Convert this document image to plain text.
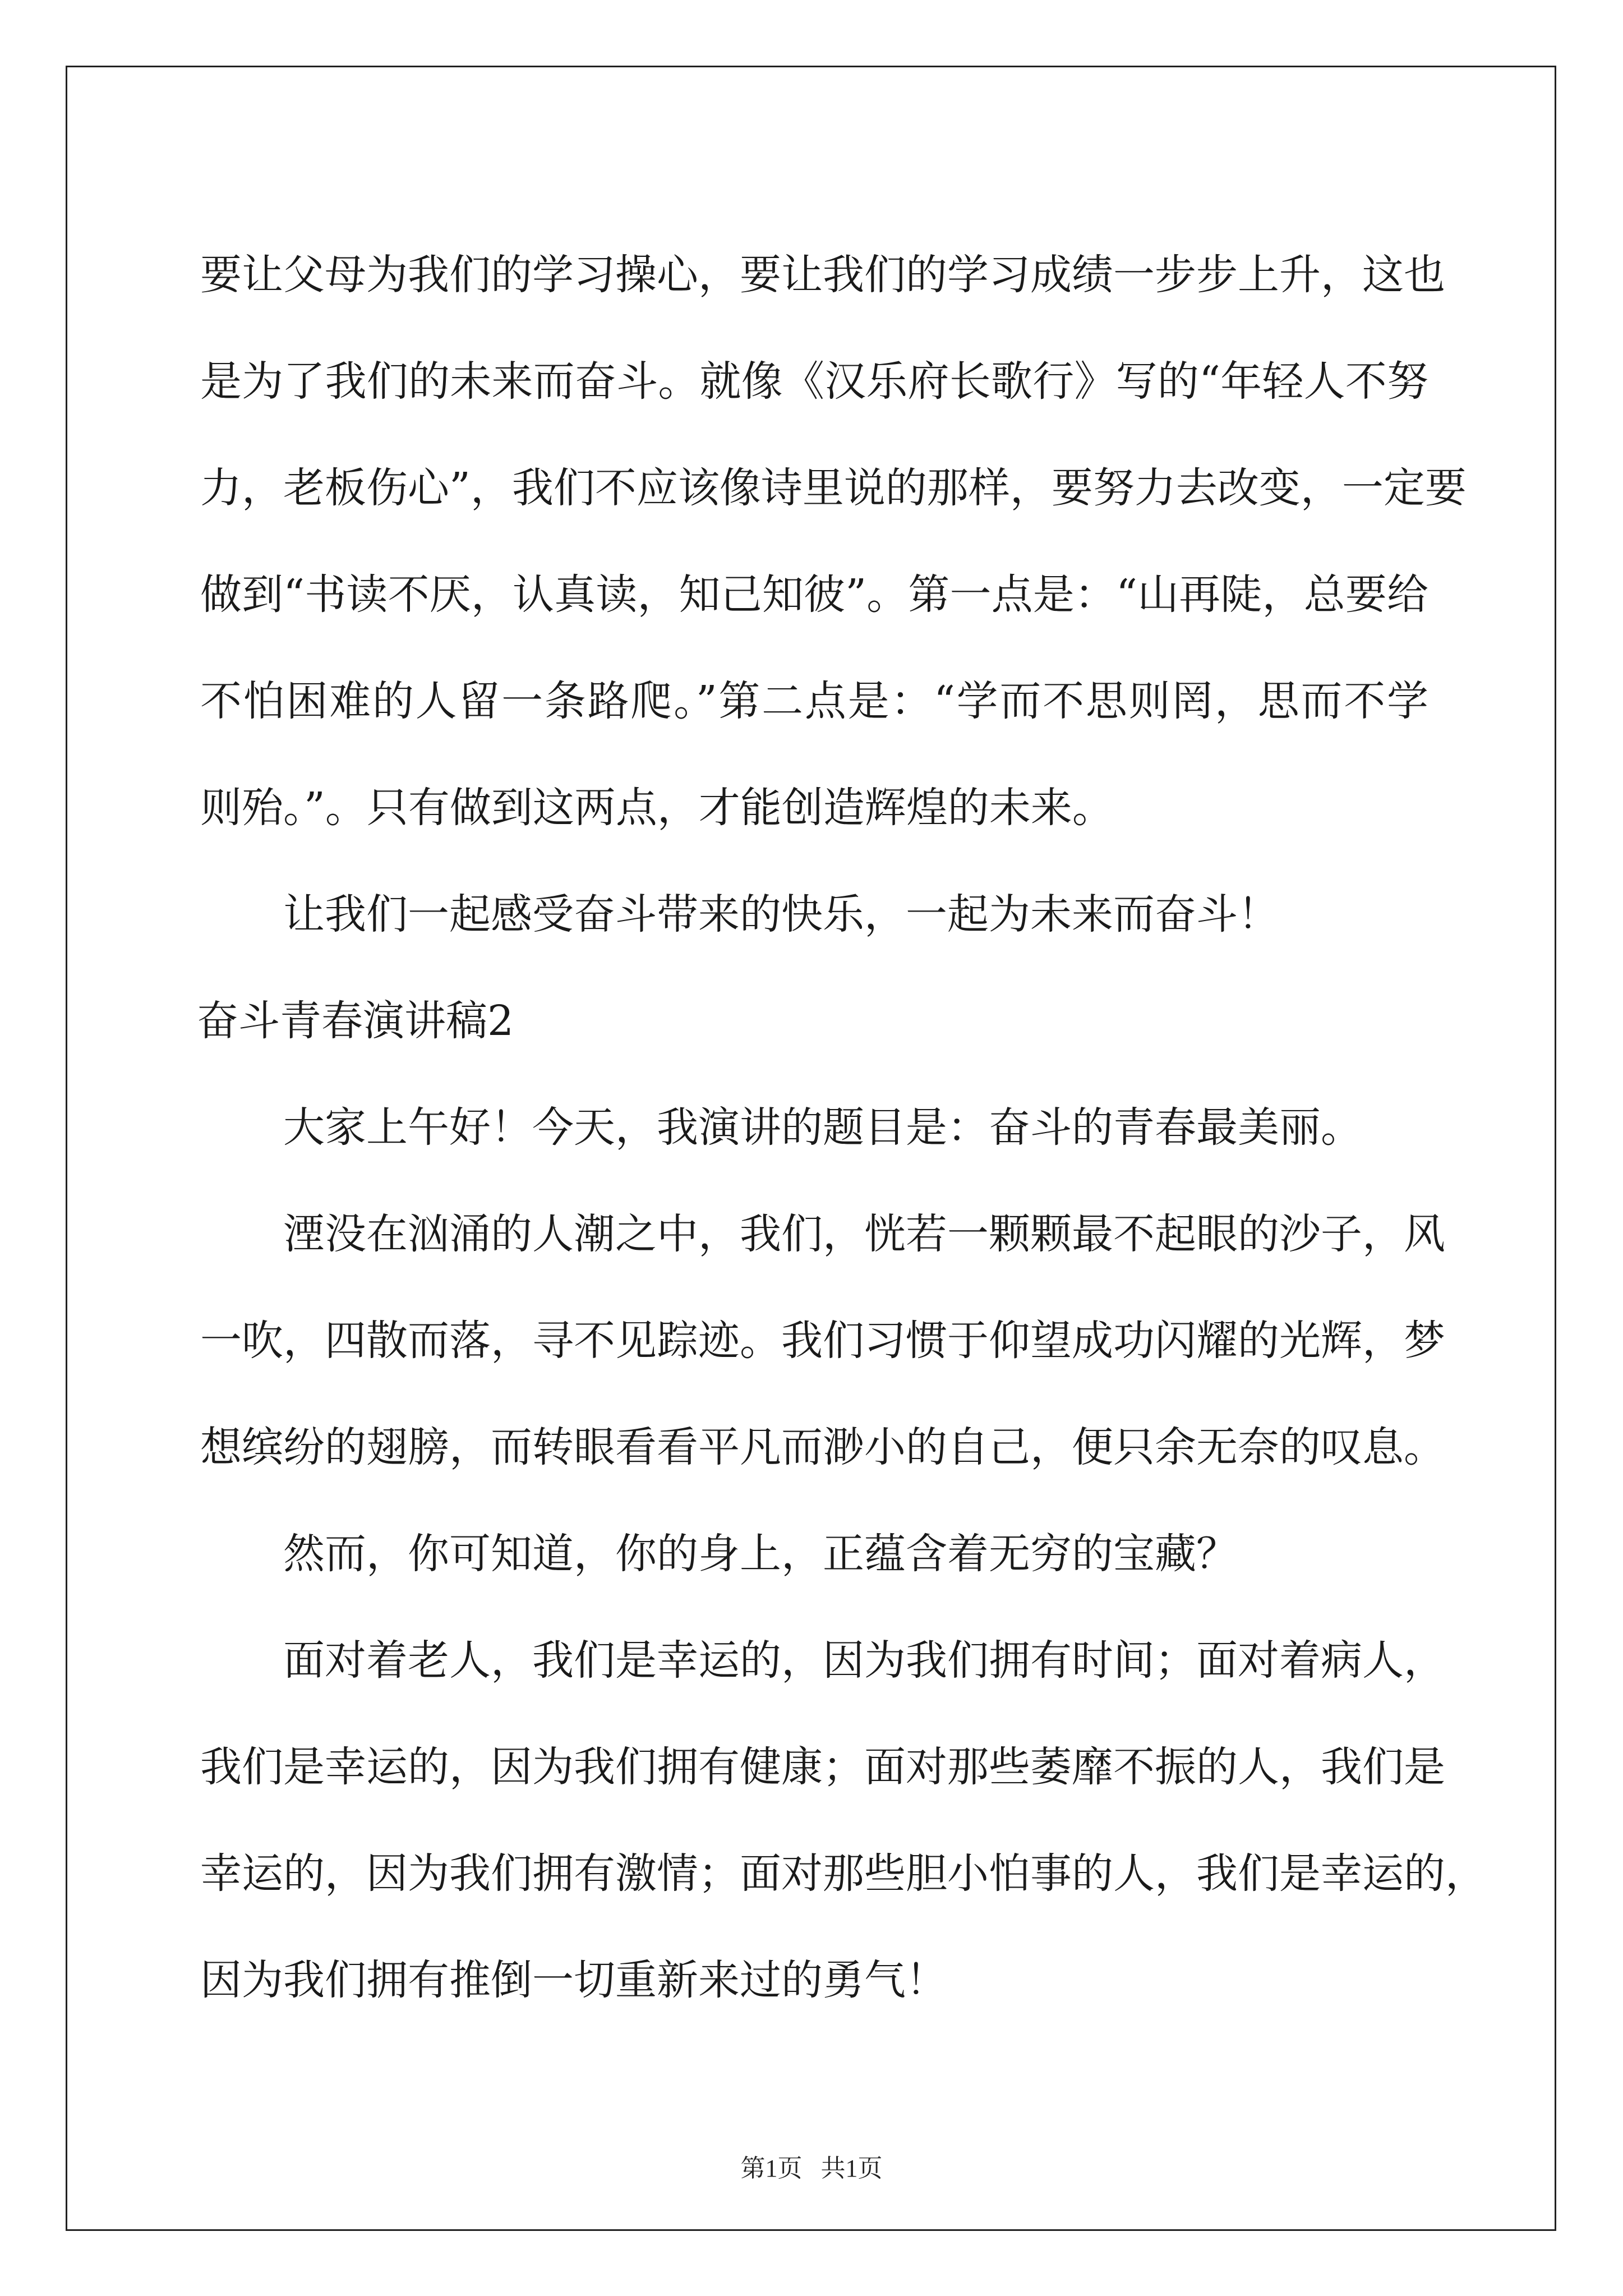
要让父母为我们的学习操心，要让我们的学习成绩一步步上升，这也
是为了我们的未来而奋斗。就像《汉乐府长歌行》写的“年轻人不努
力，老板伤心”，我们不应该像诗里说的那样，要努力去改变，一定要
做到“书读不厌，认真读，知己知彼”。第一点是：“山再陡，总要给
不怕困难的人留一条路爬。”第二点是：“学而不思则罔，思而不学
则殆。”。只有做到这两点，才能创造辉煌的未来。
让我们一起感受奋斗带来的快乐，一起为未来而奋斗！
奋斗青春演讲稿2
大家上午好！今天，我演讲的题目是：奋斗的青春最美丽。
湮没在汹涌的人潮之中，我们，恍若一颗颗最不起眼的沙子，风
一吹，四散而落，寻不见踪迹。我们习惯于仰望成功闪耀的光辉，梦
想缤纷的翅膀，而转眼看看平凡而渺小的自己，便只余无奈的叹息。
然而，你可知道，你的身上，正蕴含着无穷的宝藏？
面对着老人，我们是幸运的，因为我们拥有时间；面对着病人，
我们是幸运的，因为我们拥有健康；面对那些萎靡不振的人，我们是
幸运的，因为我们拥有激情；面对那些胆小怕事的人，我们是幸运的，
因为我们拥有推倒一切重新来过的勇气！
第1页 共1页
